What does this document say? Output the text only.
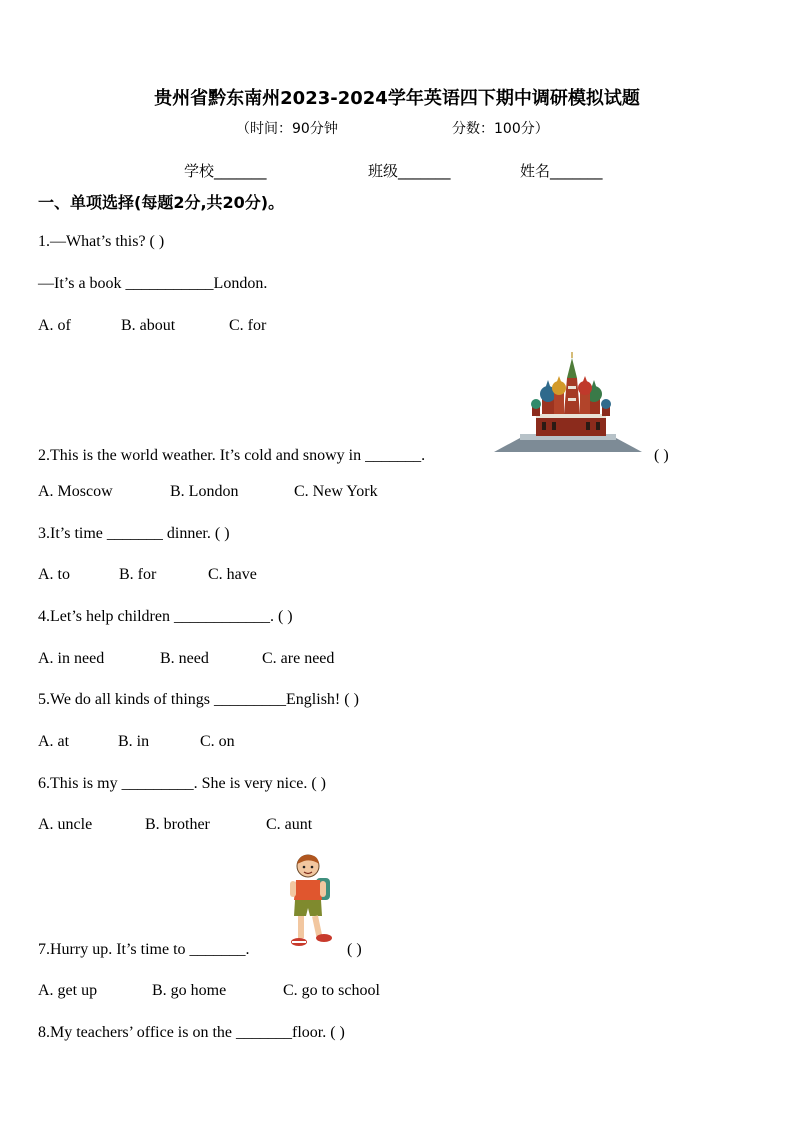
贵州省黔东南州2023-2024学年英语四下期中调研模拟试题
（时间：90分钟	分数：100分）
学校_______	班级_______	姓名_______
一、单项选择(每题2分,共20分)。
1.—What’s this? ( )
—It’s a book ___________London.
A. of	B. about	C. for
2.This is the world weather. It’s cold and snowy in _______.	( )
A. Moscow	B. London	C. New York
3.It’s time _______ dinner. ( )
A. to	B. for	C. have
4.Let’s help children ____________. ( )
A. in need	B. need	C. are need
5.We do all kinds of things _________English! ( )
A. at	B. in	C. on
6.This is my _________. She is very nice. ( )
A. uncle	B. brother	C. aunt
7.Hurry up. It’s time to _______.	( )
A. get up	B. go home	C. go to school
8.My teachers’ office is on the _______floor. ( )
